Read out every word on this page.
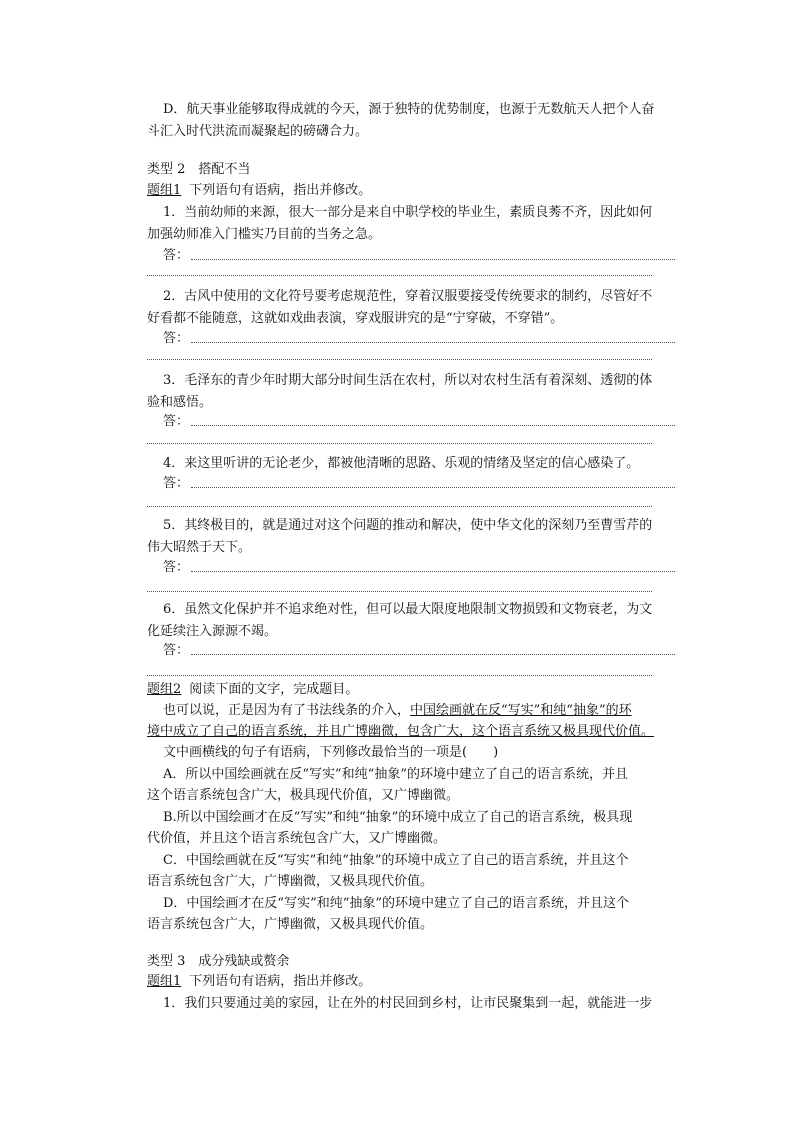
D．航天事业能够取得成就的今天，源于独特的优势制度，也源于无数航天人把个人奋
斗汇入时代洪流而凝聚起的磅礴合力。
类型 2　搭配不当
题组1 下列语句有语病，指出并修改。
1．当前幼师的来源，很大一部分是来自中职学校的毕业生，素质良莠不齐，因此如何
加强幼师准入门槛实乃目前的当务之急。
答：
2．古风中使用的文化符号要考虑规范性，穿着汉服要接受传统要求的制约，尽管好不
好看都不能随意，这就如戏曲表演，穿戏服讲究的是“宁穿破，不穿错”。
答：
3．毛泽东的青少年时期大部分时间生活在农村，所以对农村生活有着深刻、透彻的体
验和感悟。
答：
4．来这里听讲的无论老少，都被他清晰的思路、乐观的情绪及坚定的信心感染了。
答：
5．其终极目的，就是通过对这个问题的推动和解决，使中华文化的深刻乃至曹雪芹的
伟大昭然于天下。
答：
6．虽然文化保护并不追求绝对性，但可以最大限度地限制文物损毁和文物衰老，为文
化延续注入源源不竭。
答：
题组2 阅读下面的文字，完成题目。
也可以说，正是因为有了书法线条的介入，中国绘画就在反“写实”和纯“抽象”的环
境中成立了自己的语言系统，并且广博幽微，包含广大，这个语言系统又极具现代价值。
文中画横线的句子有语病，下列修改最恰当的一项是(　　)
A．所以中国绘画就在反“写实”和纯“抽象”的环境中建立了自己的语言系统，并且
这个语言系统包含广大，极具现代价值，又广博幽微。
B.所以中国绘画才在反“写实”和纯“抽象”的环境中成立了自己的语言系统，极具现
代价值，并且这个语言系统包含广大，又广博幽微。
C．中国绘画就在反“写实”和纯“抽象”的环境中成立了自己的语言系统，并且这个
语言系统包含广大，广博幽微，又极具现代价值。
D．中国绘画才在反“写实”和纯“抽象”的环境中建立了自己的语言系统，并且这个
语言系统包含广大，广博幽微，又极具现代价值。
类型 3　成分残缺或赘余
题组1 下列语句有语病，指出并修改。
1．我们只要通过美的家园，让在外的村民回到乡村，让市民聚集到一起，就能进一步
